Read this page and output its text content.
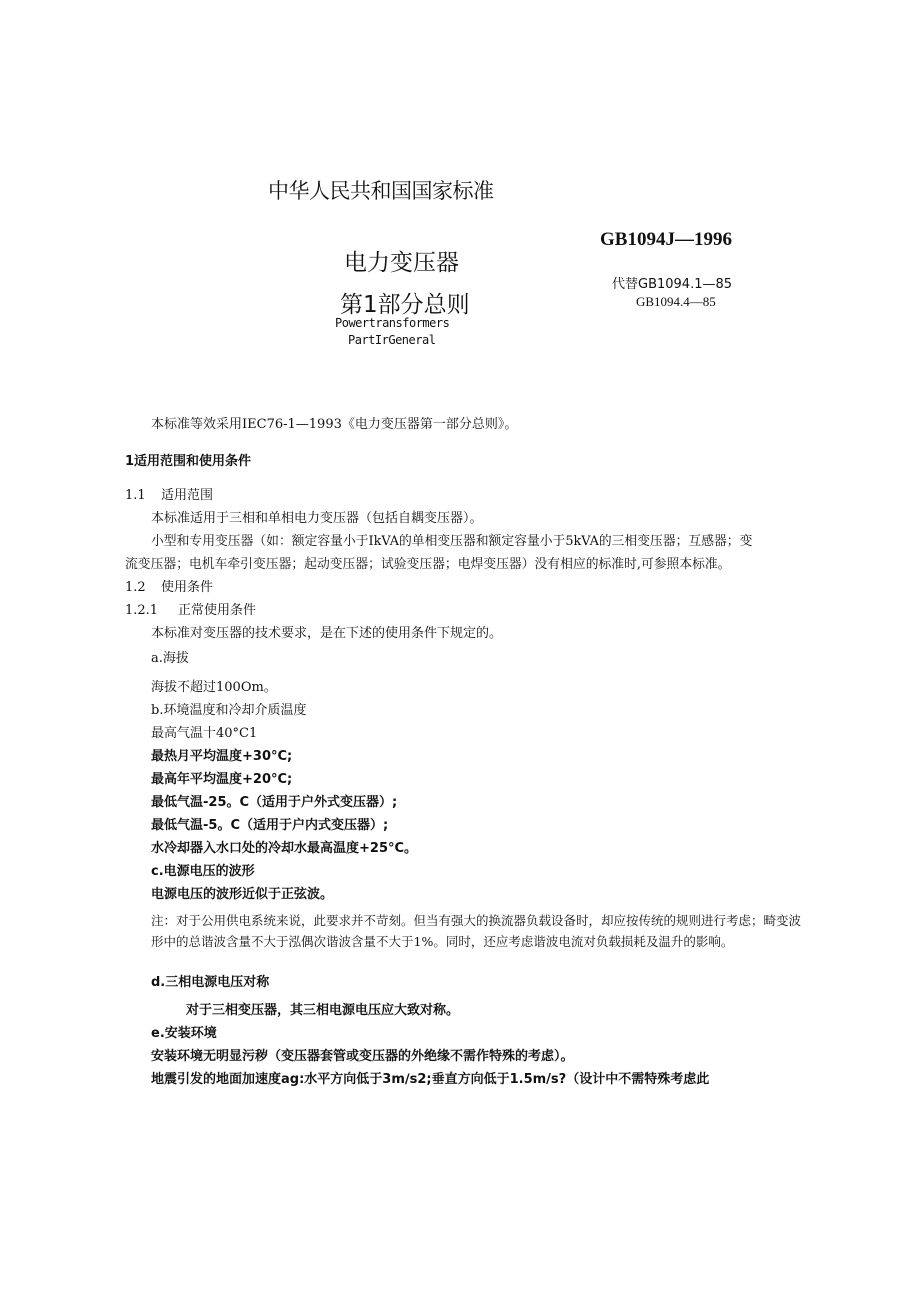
中华人民共和国国家标准
GB1094J—1996
电力变压器
代替GB1094.1—85
GB1094.4—85
第1部分总则
Powertransformers
PartIrGeneral
本标准等效采用IEC76-1—1993《电力变压器第一部分总则》。
1适用范围和使用条件
1.1 适用范围
本标准适用于三相和单相电力变压器（包括自耦变压器）。
小型和专用变压器（如：额定容量小于IkVA的单相变压器和额定容量小于5kVA的三相变压器；互感器；变
流变压器；电机车牵引变压器；起动变压器；试验变压器；电焊变压器）没有相应的标准时,可参照本标准。
1.2 使用条件
1.2.1 正常使用条件
本标准对变压器的技术要求，是在下述的使用条件下规定的。
a.海拔
海拔不超过100Om。
b.环境温度和冷却介质温度
最高气温十40°C1
最热月平均温度+30°C;
最高年平均温度+20°C;
最低气温-25。C（适用于户外式变压器）;
最低气温-5。C（适用于户内式变压器）;
水冷却器入水口处的冷却水最高温度+25°C。
c.电源电压的波形
电源电压的波形近似于正弦波。
注：对于公用供电系统来说，此要求并不苛刻。但当有强大的换流器负载设备时，却应按传统的规则进行考虑；畸变波形中的总谐波含量不大于泓偶次谐波含量不大于1%。同时，还应考虑谐波电流对负载损耗及温升的影响。
d.三相电源电压对称
对于三相变压器，其三相电源电压应大致对称。
e.安装环境
安装环境无明显污秽（变压器套管或变压器的外绝缘不需作特殊的考虑）。
地震引发的地面加速度ag:水平方向低于3m∕s2;垂直方向低于1.5m/s?（设计中不需特殊考虑此
